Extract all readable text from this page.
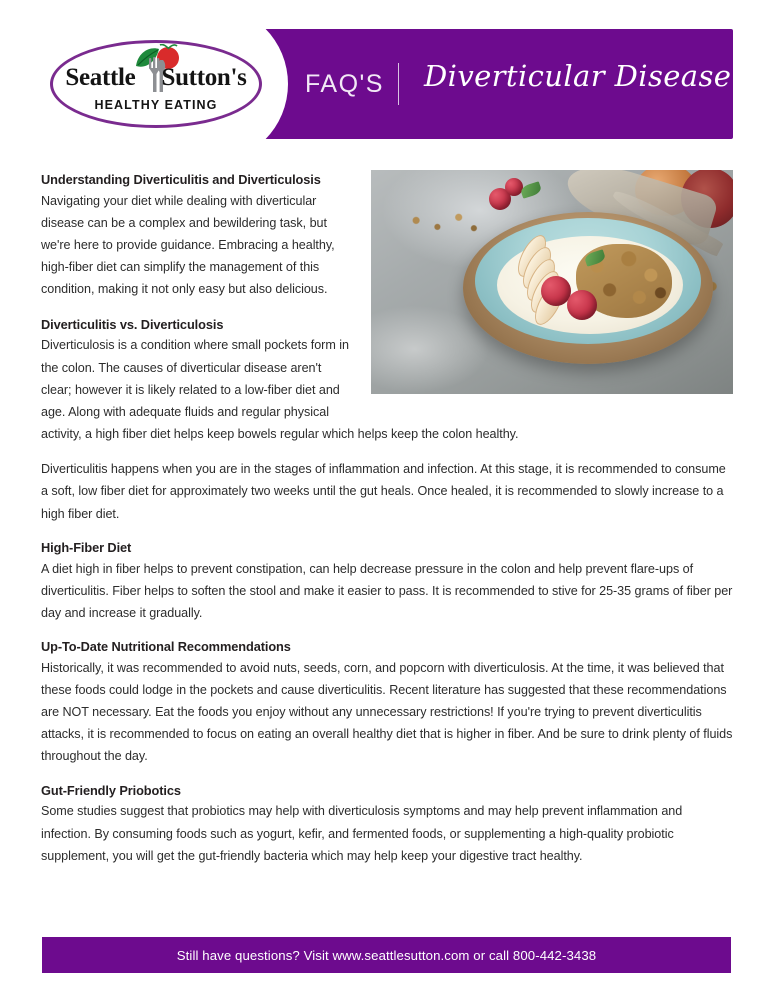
Seattle Sutton's
HEALTHY EATING
FAQ'S Diverticular Disease
Understanding Diverticulitis and Diverticulosis

Navigating your diet while dealing with diverticular disease can be a complex and bewildering task, but we're here to provide guidance. Embracing a healthy, high-fiber diet can simplify the management of this condition, making it not only easy but also delicious.

Diverticulitis vs. Diverticulosis

Diverticulosis is a condition where small pockets form in the colon. The causes of diverticular disease aren't clear; however it is likely related to a low-fiber diet and age. Along with adequate fluids and regular physical activity, a high fiber diet helps keep bowels regular which helps keep the colon healthy.

Diverticulitis happens when you are in the stages of inflammation and infection. At this stage, it is recommended to consume a soft, low fiber diet for approximately two weeks until the gut heals. Once healed, it is recommended to slowly increase to a high fiber diet.

High-Fiber Diet

A diet high in fiber helps to prevent constipation, can help decrease pressure in the colon and help prevent flare-ups of diverticulitis. Fiber helps to soften the stool and make it easier to pass. It is recommended to stive for 25-35 grams of fiber per day and increase it gradually.

Up-To-Date Nutritional Recommendations

Historically, it was recommended to avoid nuts, seeds, corn, and popcorn with diverticulosis. At the time, it was believed that these foods could lodge in the pockets and cause diverticulitis. Recent literature has suggested that these recommendations are NOT necessary. Eat the foods you enjoy without any unnecessary restrictions! If you're trying to prevent diverticulitis attacks, it is recommended to focus on eating an overall healthy diet that is higher in fiber. And be sure to drink plenty of fluids throughout the day.

Gut-Friendly Priobotics

Some studies suggest that probiotics may help with diverticulosis symptoms and may help prevent inflammation and infection. By consuming foods such as yogurt, kefir, and fermented foods, or supplementing a high-quality probiotic supplement, you will get the gut-friendly bacteria which may help keep your digestive tract healthy.

Still have questions? Visit www.seattlesutton.com or call 800-442-3438
